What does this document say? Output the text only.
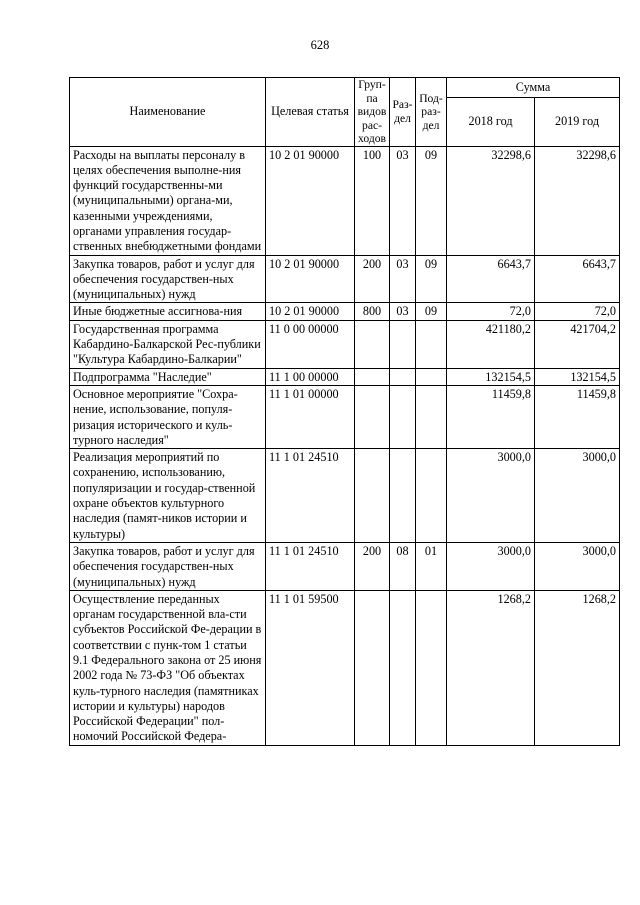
628
Наименование	Целевая статья	Груп-па видов рас-ходов	Раз-дел	Под-раз-дел	Сумма	
					2018 год	2019 год
Расходы на выплаты персоналу в целях обеспечения выполне-ния функций государственны-ми (муниципальными) органа-ми, казенными учреждениями, органами управления государ-ственных внебюджетными фондами	10 2 01 90000	100	03	09	32298,6	32298,6
Закупка товаров, работ и услуг для обеспечения государствен-ных (муниципальных) нужд	10 2 01 90000	200	03	09	6643,7	6643,7
Иные бюджетные ассигнова-ния	10 2 01 90000	800	03	09	72,0	72,0
Государственная программа Кабардино-Балкарской Рес-публики "Культура Кабардино-Балкарии"	11 0 00 00000				421180,2	421704,2
Подпрограмма "Наследие"	11 1 00 00000				132154,5	132154,5
Основное мероприятие "Сохра-нение, использование, популя-ризация исторического и куль-турного наследия"	11 1 01 00000				11459,8	11459,8
Реализация мероприятий по сохранению, использованию, популяризации и государ-ственной охране объектов культурного наследия (памят-ников истории и культуры)	11 1 01 24510				3000,0	3000,0
Закупка товаров, работ и услуг для обеспечения государствен-ных (муниципальных) нужд	11 1 01 24510	200	08	01	3000,0	3000,0
Осуществление переданных органам государственной вла-сти субъектов Российской Фе-дерации в соответствии с пунк-том 1 статьи 9.1 Федерального закона от 25 июня 2002 года № 73-ФЗ "Об объектах куль-турного наследия (памятниках истории и культуры) народов Российской Федерации" пол-номочий Российской Федера-	11 1 01 59500				1268,2	1268,2
